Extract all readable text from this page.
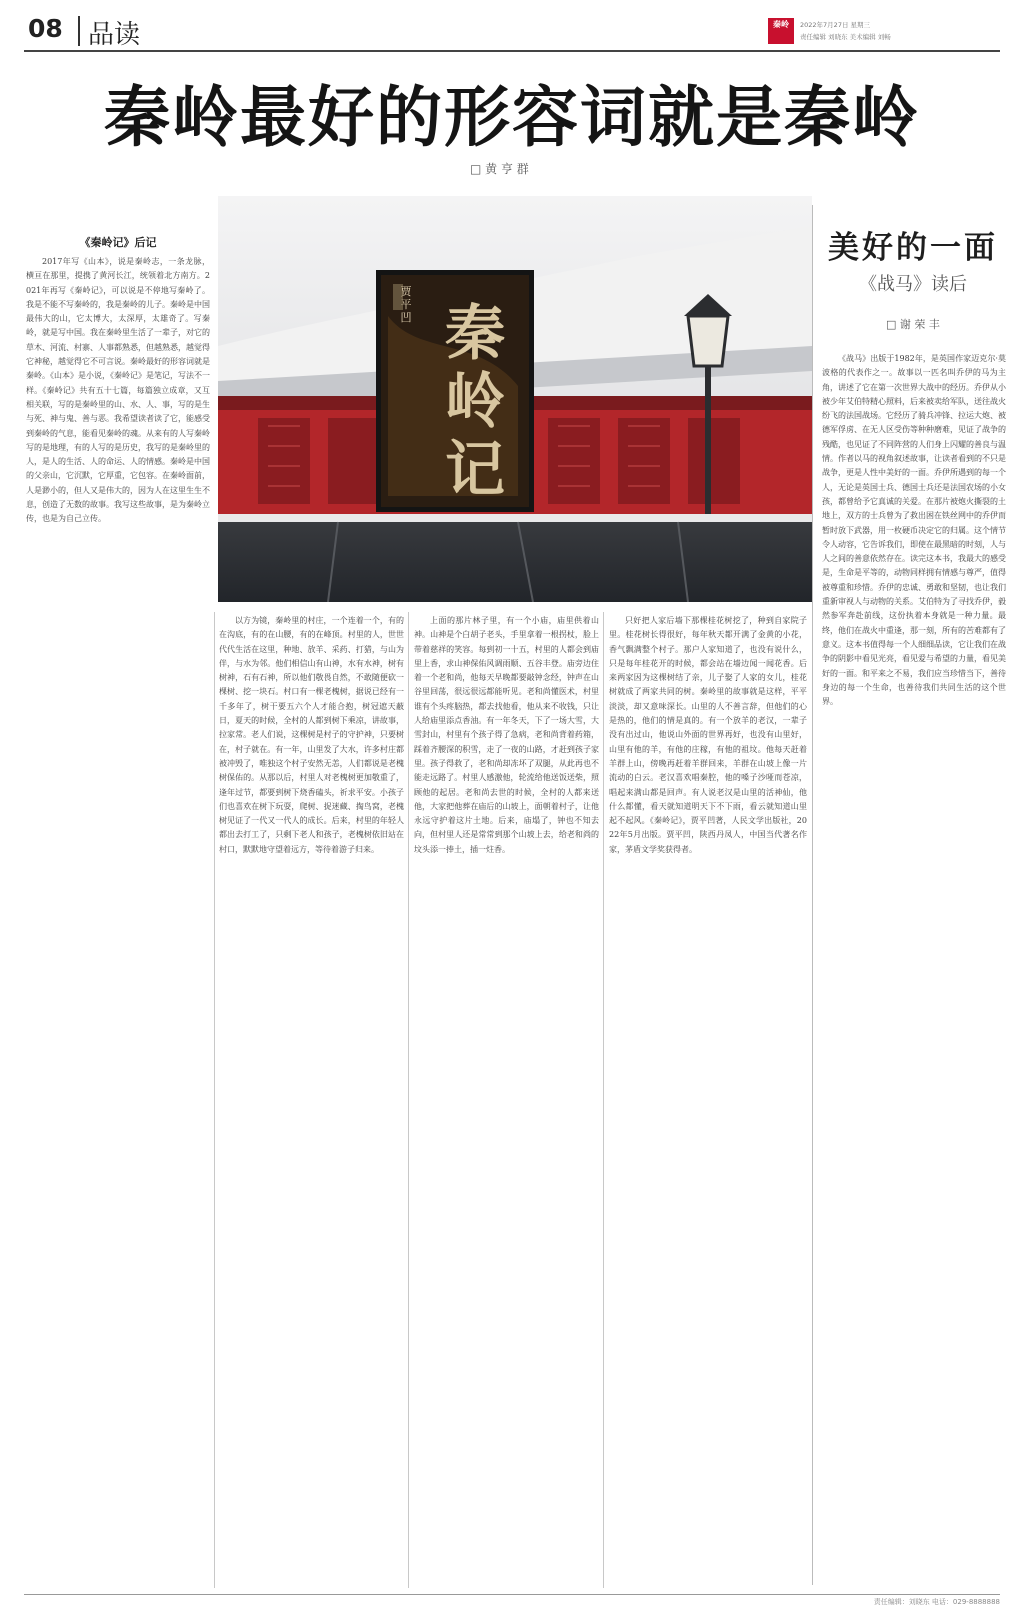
08 品读	秦岭	2022年7月27日 星期三
责任编辑 刘晓东 美术编辑 刘畅
秦岭最好的形容词就是秦岭
□ 黄 亨 群
秦岭记
贾平凹
美好的一面
《战马》读后
□ 谢 荣 丰

《战马》出版于1982年，是英国作家迈克尔·莫波格的代表作之一。故事以一匹名叫乔伊的马为主角，讲述了它在第一次世界大战中的经历。乔伊从小被少年艾伯特精心照料，后来被卖给军队，送往战火纷飞的法国战场。它经历了骑兵冲锋、拉运大炮、被德军俘虏、在无人区受伤等种种磨难，见证了战争的残酷，也见证了不同阵营的人们身上闪耀的善良与温情。作者以马的视角叙述故事，让读者看到的不只是战争，更是人性中美好的一面。乔伊所遇到的每一个人，无论是英国士兵、德国士兵还是法国农场的小女孩，都曾给予它真诚的关爱。在那片被炮火撕裂的土地上，双方的士兵曾为了救出困在铁丝网中的乔伊而暂时放下武器，用一枚硬币决定它的归属。这个情节令人动容，它告诉我们，即使在最黑暗的时刻，人与人之间的善意依然存在。读完这本书，我最大的感受是，生命是平等的，动物同样拥有情感与尊严，值得被尊重和珍惜。乔伊的忠诚、勇敢和坚韧，也让我们重新审视人与动物的关系。艾伯特为了寻找乔伊，毅然参军奔赴前线，这份执着本身就是一种力量。最终，他们在战火中重逢，那一刻，所有的苦难都有了意义。这本书值得每一个人细细品读，它让我们在战争的阴影中看见光亮，看见爱与希望的力量，看见美好的一面。和平来之不易，我们应当珍惜当下，善待身边的每一个生命，也善待我们共同生活的这个世界。

《秦岭记》后记

2017年写《山本》，说是秦岭志，一条龙脉，横亘在那里，提携了黄河长江，统领着北方南方。2021年再写《秦岭记》，可以说是不停地写秦岭了。我是不能不写秦岭的，我是秦岭的儿子。秦岭是中国最伟大的山，它太博大，太深厚，太雄奇了。写秦岭，就是写中国。我在秦岭里生活了一辈子，对它的草木、河流、村寨、人事都熟悉，但越熟悉，越觉得它神秘，越觉得它不可言说。秦岭最好的形容词就是秦岭。《山本》是小说，《秦岭记》是笔记，写法不一样。《秦岭记》共有五十七篇，每篇独立成章，又互相关联，写的是秦岭里的山、水、人、事，写的是生与死、神与鬼、善与恶。我希望读者读了它，能感受到秦岭的气息，能看见秦岭的魂。从来有的人写秦岭写的是地理，有的人写的是历史，我写的是秦岭里的人，是人的生活、人的命运、人的情感。秦岭是中国的父亲山，它沉默，它厚重，它包容。在秦岭面前，人是渺小的，但人又是伟大的，因为人在这里生生不息，创造了无数的故事。我写这些故事，是为秦岭立传，也是为自己立传。

以方为镜，秦岭里的村庄，一个连着一个，有的在沟底，有的在山腰，有的在峰顶。村里的人，世世代代生活在这里，种地、放羊、采药、打猎，与山为伴，与水为邻。他们相信山有山神，水有水神，树有树神，石有石神，所以他们敬畏自然，不敢随便砍一棵树、挖一块石。村口有一棵老槐树，据说已经有一千多年了，树干要五六个人才能合抱，树冠遮天蔽日，夏天的时候，全村的人都到树下乘凉，讲故事，拉家常。老人们说，这棵树是村子的守护神，只要树在，村子就在。有一年，山里发了大水，许多村庄都被冲毁了，唯独这个村子安然无恙，人们都说是老槐树保佑的。从那以后，村里人对老槐树更加敬重了，逢年过节，都要到树下烧香磕头，祈求平安。小孩子们也喜欢在树下玩耍，爬树、捉迷藏、掏鸟窝，老槐树见证了一代又一代人的成长。后来，村里的年轻人都出去打工了，只剩下老人和孩子，老槐树依旧站在村口，默默地守望着远方，等待着游子归来。

上面的那片林子里，有一个小庙，庙里供着山神。山神是个白胡子老头，手里拿着一根拐杖，脸上带着慈祥的笑容。每到初一十五，村里的人都会到庙里上香，求山神保佑风调雨顺、五谷丰登。庙旁边住着一个老和尚，他每天早晚都要敲钟念经，钟声在山谷里回荡，很远很远都能听见。老和尚懂医术，村里谁有个头疼脑热，都去找他看，他从来不收钱，只让人给庙里添点香油。有一年冬天，下了一场大雪，大雪封山，村里有个孩子得了急病，老和尚背着药箱，踩着齐腰深的积雪，走了一夜的山路，才赶到孩子家里。孩子得救了，老和尚却冻坏了双腿，从此再也不能走远路了。村里人感激他，轮流给他送饭送柴，照顾他的起居。老和尚去世的时候，全村的人都来送他，大家把他葬在庙后的山坡上，面朝着村子，让他永远守护着这片土地。后来，庙塌了，钟也不知去向，但村里人还是常常到那个山坡上去，给老和尚的坟头添一捧土，插一炷香。

只好把人家后墙下那棵桂花树挖了，种到自家院子里。桂花树长得很好，每年秋天都开满了金黄的小花，香气飘满整个村子。那户人家知道了，也没有说什么，只是每年桂花开的时候，都会站在墙边闻一闻花香。后来两家因为这棵树结了亲，儿子娶了人家的女儿，桂花树就成了两家共同的树。秦岭里的故事就是这样，平平淡淡，却又意味深长。山里的人不善言辞，但他们的心是热的，他们的情是真的。有一个放羊的老汉，一辈子没有出过山，他说山外面的世界再好，也没有山里好，山里有他的羊，有他的庄稼，有他的祖坟。他每天赶着羊群上山，傍晚再赶着羊群回来，羊群在山坡上像一片流动的白云。老汉喜欢唱秦腔，他的嗓子沙哑而苍凉，唱起来满山都是回声。有人说老汉是山里的活神仙，他什么都懂，看天就知道明天下不下雨，看云就知道山里起不起风。《秦岭记》，贾平凹著，人民文学出版社，2022年5月出版。贾平凹，陕西丹凤人，中国当代著名作家，茅盾文学奖获得者。

责任编辑：刘晓东 电话：029-8888888
